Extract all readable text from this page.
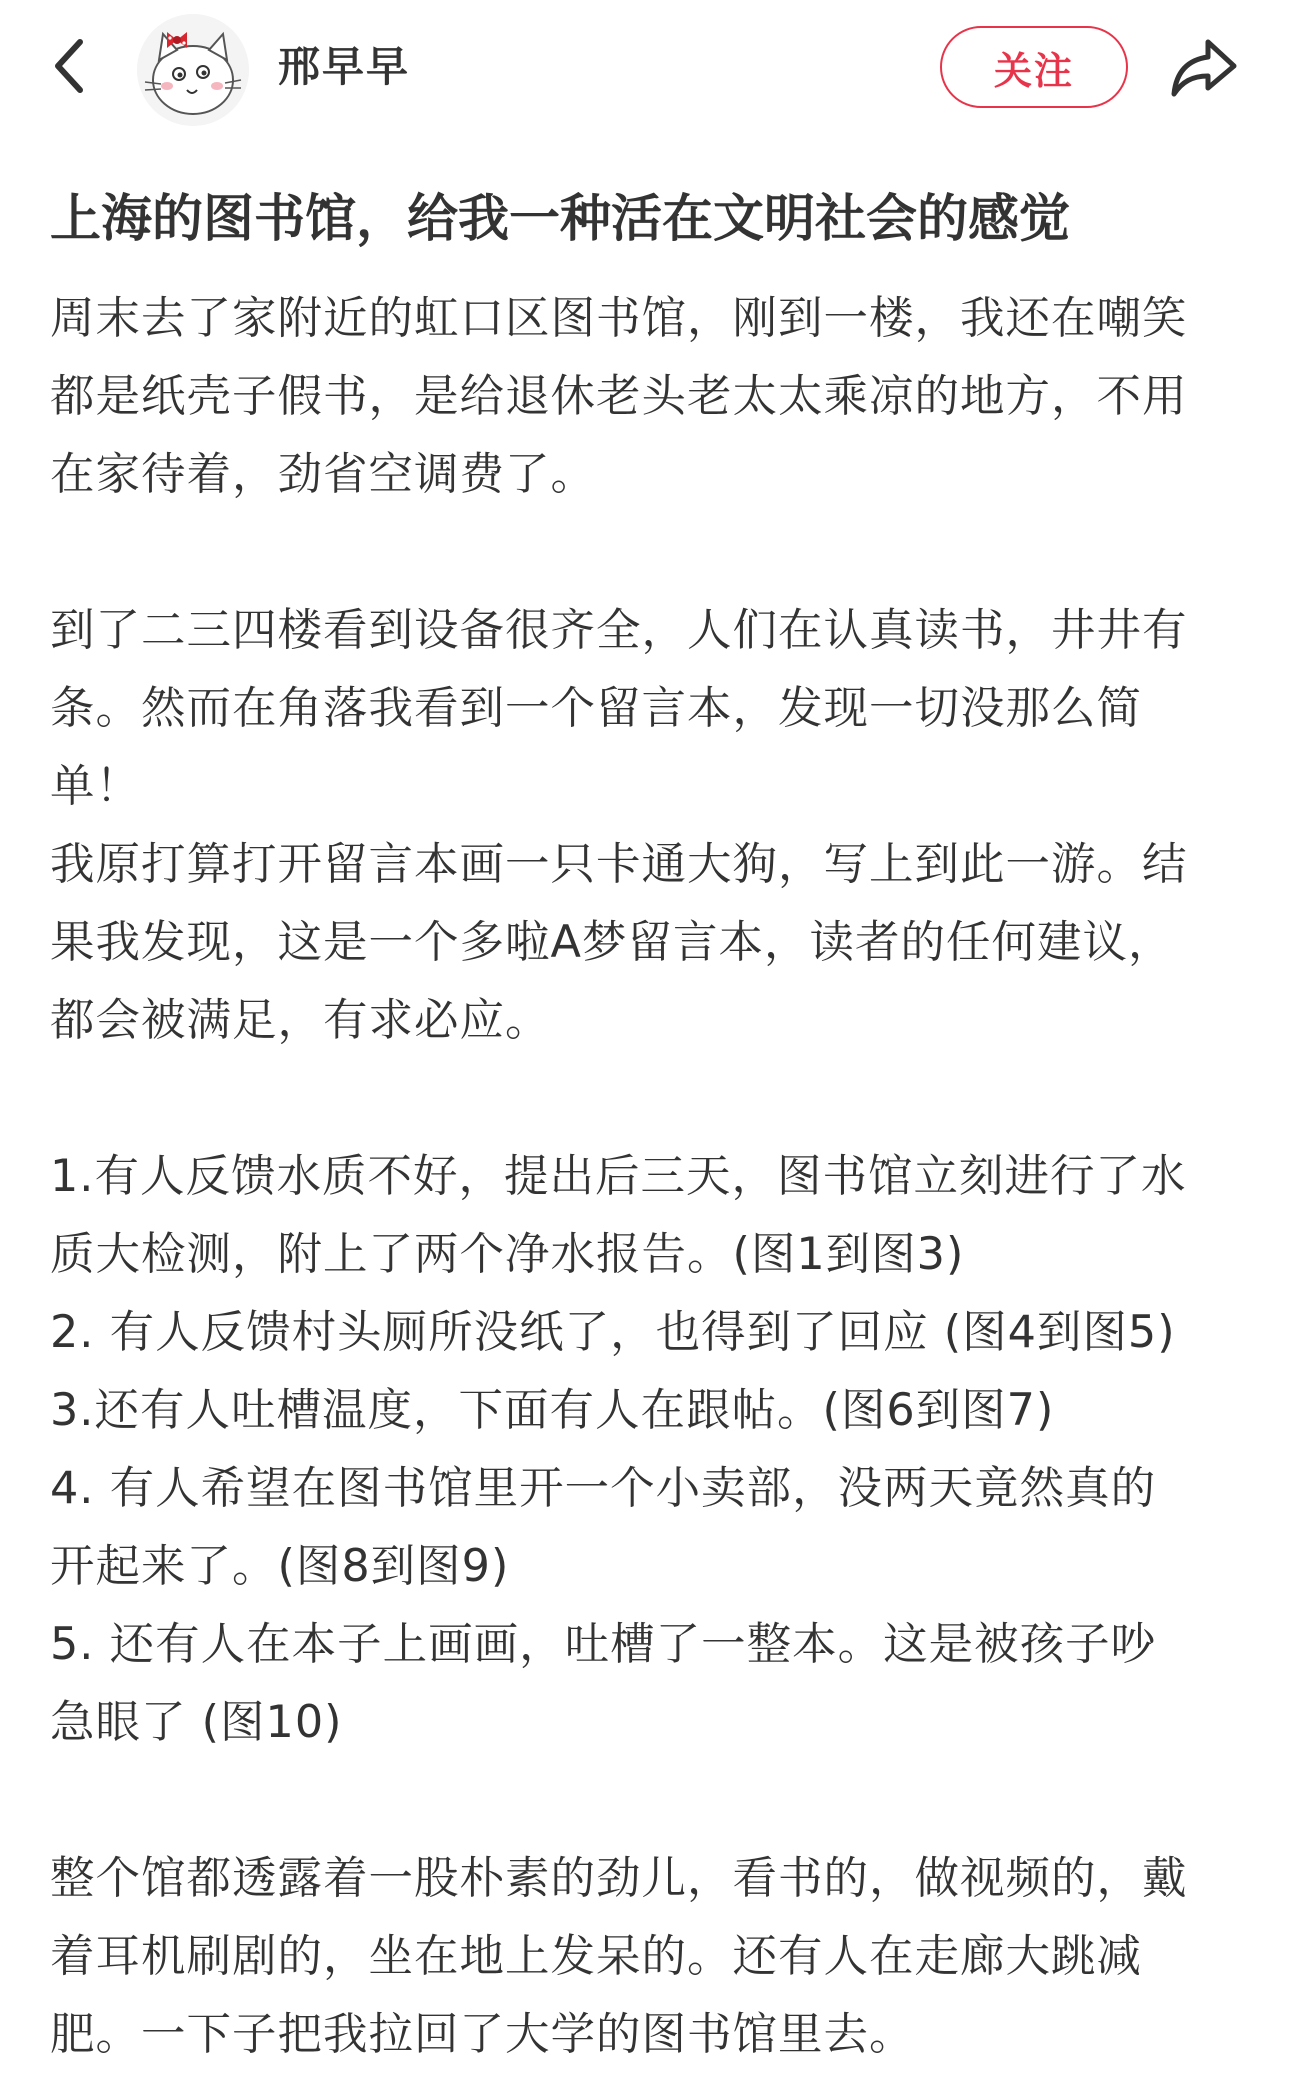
邢早早	关注
上海的图书馆，给我一种活在文明社会的感觉
周末去了家附近的虹口区图书馆，刚到一楼，我还在嘲笑
都是纸壳子假书，是给退休老头老太太乘凉的地方，不用
在家待着，劲省空调费了。
到了二三四楼看到设备很齐全，人们在认真读书，井井有
条。然而在角落我看到一个留言本，发现一切没那么简
单！
我原打算打开留言本画一只卡通大狗，写上到此一游。结
果我发现，这是一个多啦A梦留言本，读者的任何建议，
都会被满足，有求必应。
1.有人反馈水质不好，提出后三天，图书馆立刻进行了水
质大检测，附上了两个净水报告。(图1到图3)
2. 有人反馈村头厕所没纸了，也得到了回应 (图4到图5)
3.还有人吐槽温度，下面有人在跟帖。(图6到图7)
4. 有人希望在图书馆里开一个小卖部，没两天竟然真的
开起来了。(图8到图9)
5. 还有人在本子上画画，吐槽了一整本。这是被孩子吵
急眼了 (图10)
整个馆都透露着一股朴素的劲儿，看书的，做视频的，戴
着耳机刷剧的，坐在地上发呆的。还有人在走廊大跳减
肥。一下子把我拉回了大学的图书馆里去。
